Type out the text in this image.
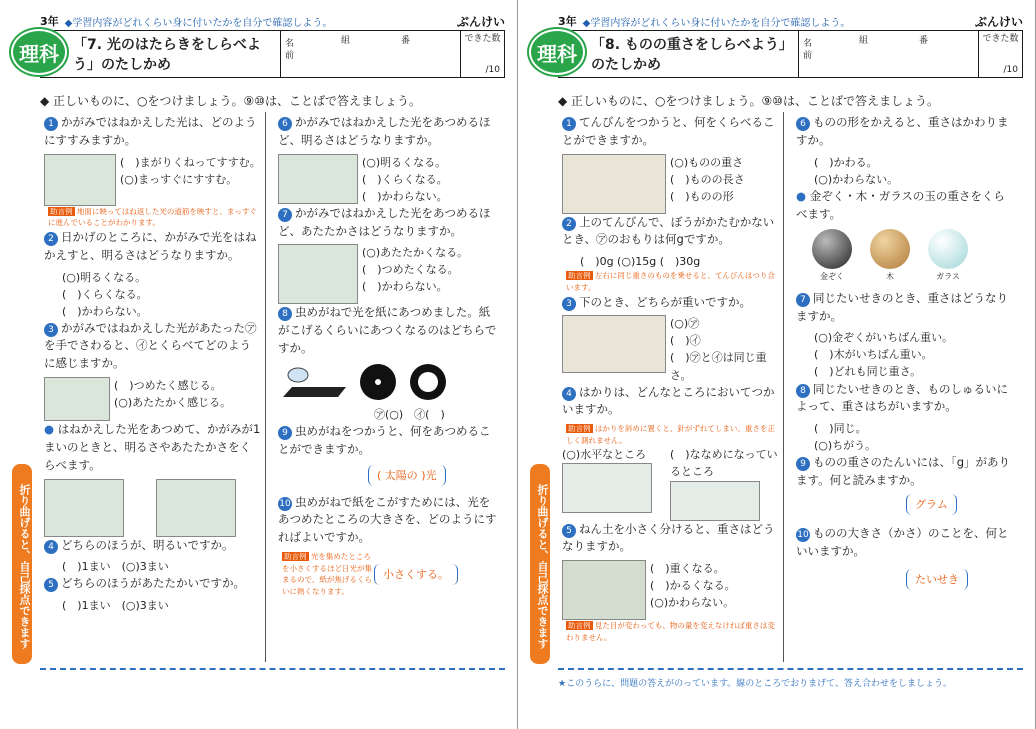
3年 ◆学習内容がどれくらい身に付いたかを自分で確認しよう。	ぶんけい
理科	「7. 光のはたらきをしらべよう」のたしかめ
名前
組	番	できた数
/10
◆ 正しいものに、○をつけましょう。⑨⑩は、ことばで答えましょう。
1 かがみではねかえした光は、どのようにすすみますか。
(　)まがりくねってすすむ。
(○)まっすぐにすすむ。
助言例 地面に映ってはね返した光の道筋を映すと、まっすぐに進んでいることがわかります。
2 日かげのところに、かがみで光をはねかえすと、明るさはどうなりますか。
(○)明るくなる。
(　)くらくなる。
(　)かわらない。
3 かがみではねかえした光があたった㋐を手でさわると、㋑とくらべてどのように感じますか。
(　)つめたく感じる。
(○)あたたかく感じる。
● はねかえした光をあつめて、かがみが1まいのときと、明るさやあたたかさをくらべます。
4 どちらのほうが、明るいですか。
(　)1まい　(○)3まい
5 どちらのほうがあたたかいですか。
(　)1まい　(○)3まい
6 かがみではねかえした光をあつめるほど、明るさはどうなりますか。
(○)明るくなる。
(　)くらくなる。
(　)かわらない。
7 かがみではねかえした光をあつめるほど、あたたかさはどうなりますか。
(○)あたたかくなる。
(　)つめたくなる。
(　)かわらない。
8 虫めがねで光を紙にあつめました。紙がこげるくらいにあつくなるのはどちらですか。
㋐(○)　㋑(　)
9 虫めがねをつかうと、何をあつめることができますか。
( 太陽の )光
10 虫めがねで紙をこがすためには、光をあつめたところの大きさを、どのようにすればよいですか。
助言例 光を集めたところを小さくするほど日光が集まるので、紙が焦げるくらいに熱くなります。
小さくする。
折り曲げると、自己採点できます
3年 ◆学習内容がどれくらい身に付いたかを自分で確認しよう。	ぶんけい
理科	「8. ものの重さをしらべよう」のたしかめ
名前
組	番	できた数
/10
◆ 正しいものに、○をつけましょう。⑨⑩は、ことばで答えましょう。
1 てんびんをつかうと、何をくらべることができますか。
(○)ものの重さ
(　)ものの長さ
(　)ものの形
2 上のてんびんで、ぼうがかたむかないとき、㋐のおもりは何gですか。
(　)0g (○)15g (　)30g
助言例 左右に同じ重さのものを乗せると、てんびんはつり合います。
3 下のとき、どちらが重いですか。
(○)㋐
(　)㋑
(　)㋐と㋑は同じ重さ。
4 はかりは、どんなところにおいてつかいますか。
助言例 はかりを斜めに置くと、針がずれてしまい、重さを正しく測れません。
(○)水平なところ	(　)ななめになっているところ
5 ねん土を小さく分けると、重さはどうなりますか。
(　)重くなる。
(　)かるくなる。
(○)かわらない。
助言例 見た目が変わっても、物の量を変えなければ重さは変わりません。
6 ものの形をかえると、重さはかわりますか。
(　)かわる。
(○)かわらない。
● 金ぞく・木・ガラスの玉の重さをくらべます。
金ぞく	木	ガラス
7 同じたいせきのとき、重さはどうなりますか。
(○)金ぞくがいちばん重い。
(　)木がいちばん重い。
(　)どれも同じ重さ。
8 同じたいせきのとき、ものしゅるいによって、重さはちがいますか。
(　)同じ。
(○)ちがう。
9 ものの重さのたんいには、「g」があります。何と読みますか。
グラム
10 ものの大きさ（かさ）のことを、何といいますか。
たいせき
折り曲げると、自己採点できます
★このうらに、問題の答えがのっています。線のところでおりまげて、答え合わせをしましょう。
